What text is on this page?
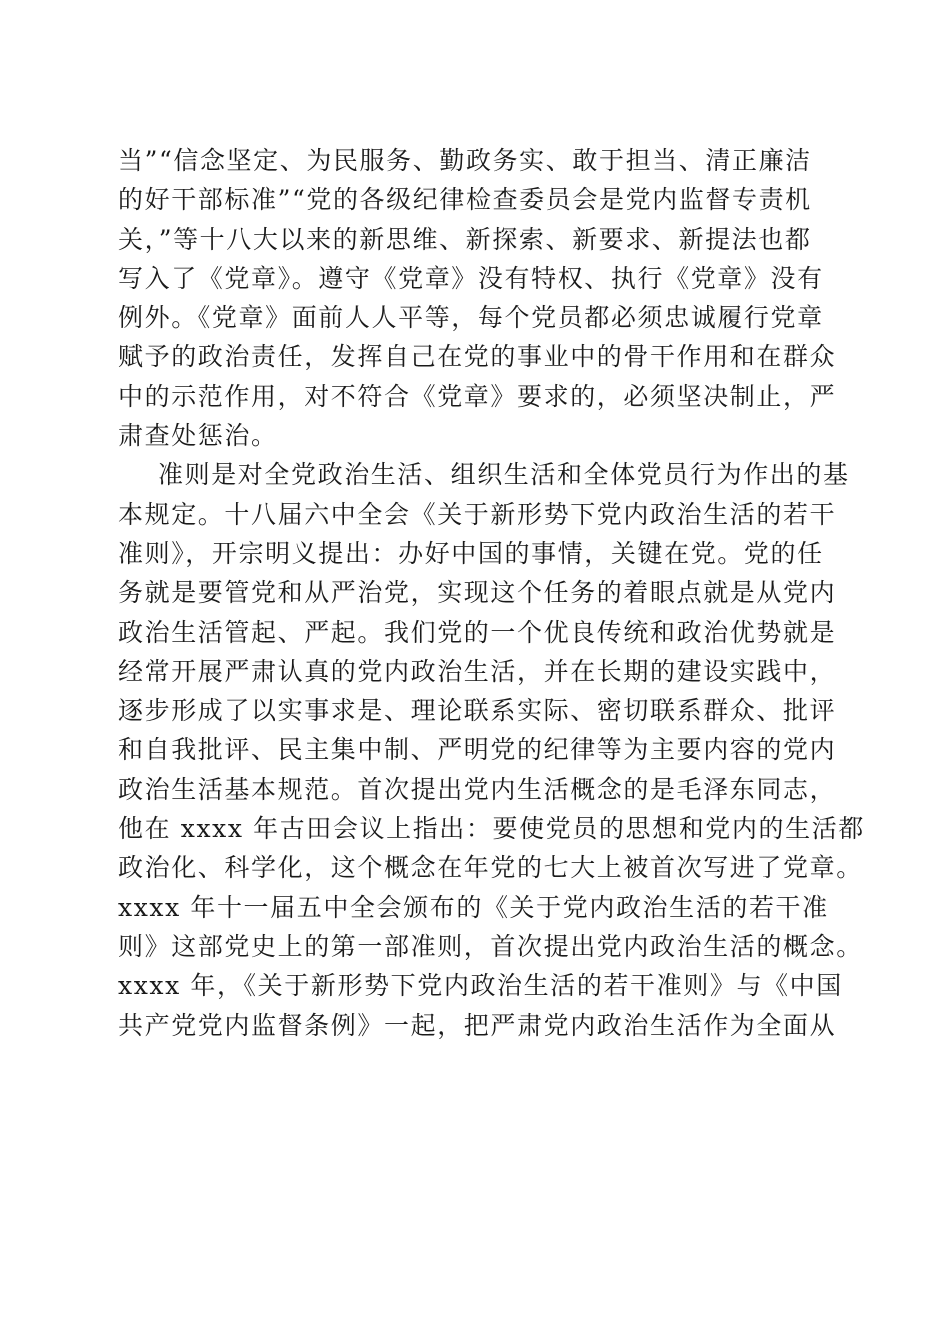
当”“信念坚定、为民服务、勤政务实、敢于担当、清正廉洁
的好干部标准”“党的各级纪律检查委员会是党内监督专责机
关，”等十八大以来的新思维、新探索、新要求、新提法也都
写入了《党章》。遵守《党章》没有特权、执行《党章》没有
例外。《党章》面前人人平等，每个党员都必须忠诚履行党章
赋予的政治责任，发挥自己在党的事业中的骨干作用和在群众
中的示范作用，对不符合《党章》要求的，必须坚决制止，严
肃查处惩治。
准则是对全党政治生活、组织生活和全体党员行为作出的基
本规定。十八届六中全会《关于新形势下党内政治生活的若干
准则》，开宗明义提出：办好中国的事情，关键在党。党的任
务就是要管党和从严治党，实现这个任务的着眼点就是从党内
政治生活管起、严起。我们党的一个优良传统和政治优势就是
经常开展严肃认真的党内政治生活，并在长期的建设实践中，
逐步形成了以实事求是、理论联系实际、密切联系群众、批评
和自我批评、民主集中制、严明党的纪律等为主要内容的党内
政治生活基本规范。首次提出党内生活概念的是毛泽东同志，
他在 xxxx 年古田会议上指出：要使党员的思想和党内的生活都
政治化、科学化，这个概念在年党的七大上被首次写进了党章。
xxxx 年十一届五中全会颁布的《关于党内政治生活的若干准
则》这部党史上的第一部准则，首次提出党内政治生活的概念。
xxxx 年，《关于新形势下党内政治生活的若干准则》与《中国
共产党党内监督条例》一起，把严肃党内政治生活作为全面从
